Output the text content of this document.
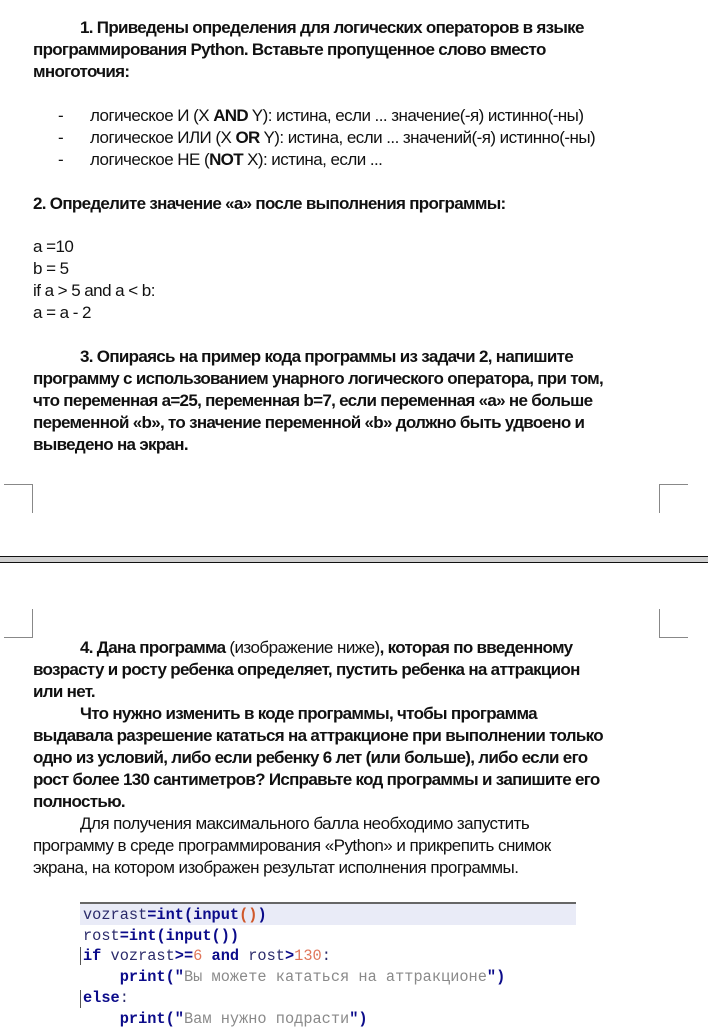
vozrast=int(input())
rost=int(input())
if vozrast>=6 and rost>130:
print("Вы можете кататься на аттракционе")
else:
print("Вам нужно подрасти")
1. Приведены определения для логических операторов в языке
программирования Python. Вставьте пропущенное слово вместо
многоточия:
- логическое И (X AND Y): истина, если ... значение(-я) истинно(-ны)
- логическое ИЛИ (X OR Y): истина, если ... значений(-я) истинно(-ны)
- логическое НЕ (NOT X): истина, если ...
2. Определите значение «а» после выполнения программы:
a =10
b = 5
if a > 5 and a < b:
a = a - 2
3. Опираясь на пример кода программы из задачи 2, напишите
программу с использованием унарного логического оператора, при том,
что переменная a=25, переменная b=7, если переменная «а» не больше
переменной «b», то значение переменной «b» должно быть удвоено и
выведено на экран.
4. Дана программа (изображение ниже), которая по введенному
возрасту и росту ребенка определяет, пустить ребенка на аттракцион
или нет.
Что нужно изменить в коде программы, чтобы программа
выдавала разрешение кататься на аттракционе при выполнении только
одно из условий, либо если ребенку 6 лет (или больше), либо если его
рост более 130 сантиметров? Исправьте код программы и запишите его
полностью.
Для получения максимального балла необходимо запустить
программу в среде программирования «Python» и прикрепить снимок
экрана, на котором изображен результат исполнения программы.
